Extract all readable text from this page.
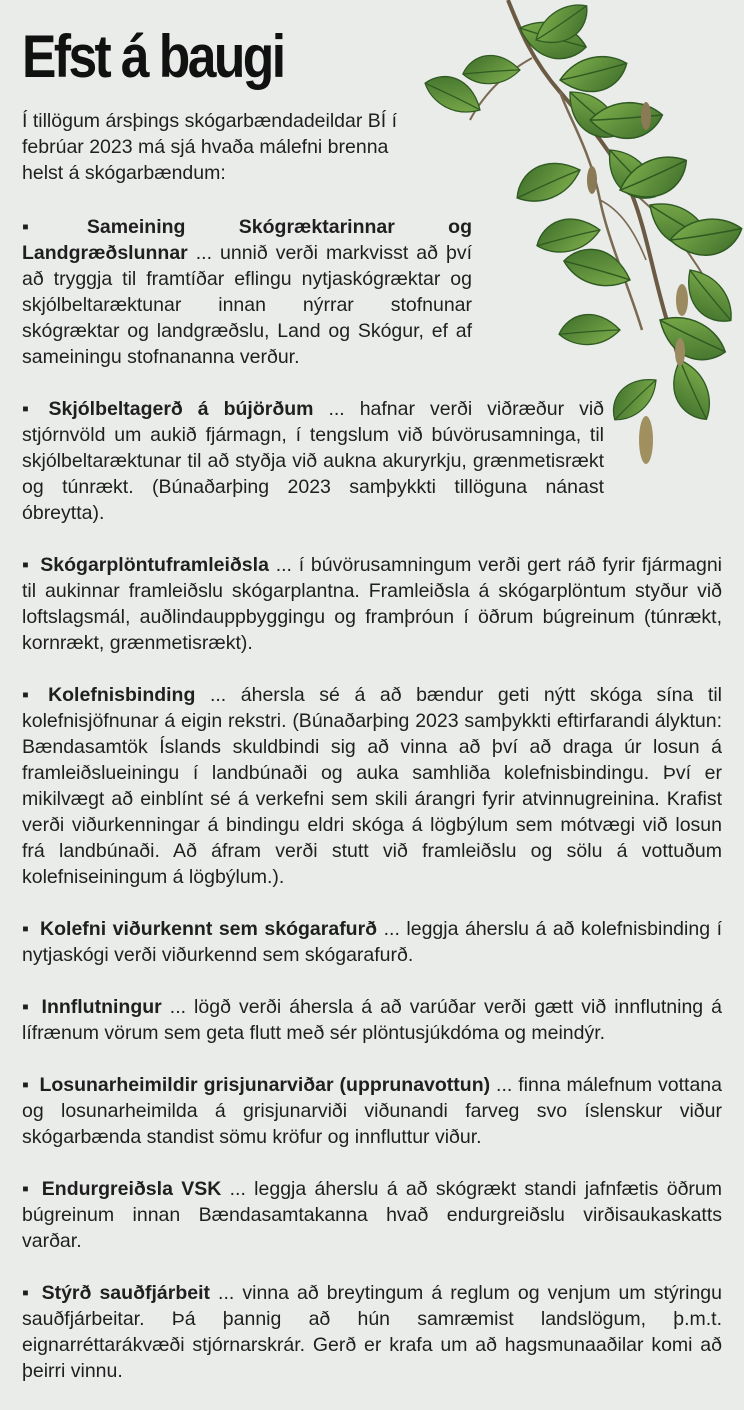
Efst á baugi

Í tillögum ársþings skógarbændadeildar BÍ í febrúar 2023 má sjá hvaða málefni brenna helst á skógarbændum:

▪ Sameining Skógræktarinnar og Landgræðslunnar ... unnið verði markvisst að því að tryggja til framtíðar eflingu nytjaskógræktar og skjólbeltaræktunar innan nýrrar stofnunar skógræktar og landgræðslu, Land og Skógur, ef af sameiningu stofnananna verður.

▪ Skjólbeltagerð á bújörðum ... hafnar verði viðræður við stjórnvöld um aukið fjármagn, í tengslum við búvörusamninga, til skjólbeltaræktunar til að styðja við aukna akuryrkju, grænmetisrækt og túnrækt. (Búnaðarþing 2023 samþykkti tillöguna nánast óbreytta).

▪ Skógarplöntuframleiðsla ... í búvörusamningum verði gert ráð fyrir fjármagni til aukinnar framleiðslu skógarplantna. Framleiðsla á skógarplöntum styður við loftslagsmál, auðlindauppbyggingu og framþróun í öðrum búgreinum (túnrækt, kornrækt, grænmetisrækt).

▪ Kolefnisbinding ... áhersla sé á að bændur geti nýtt skóga sína til kolefnisjöfnunar á eigin rekstri. (Búnaðarþing 2023 samþykkti eftirfarandi ályktun: Bændasamtök Íslands skuldbindi sig að vinna að því að draga úr losun á framleiðslueiningu í landbúnaði og auka samhliða kolefnisbindingu. Því er mikilvægt að einblínt sé á verkefni sem skili árangri fyrir atvinnugreinina. Krafist verði viðurkenningar á bindingu eldri skóga á lögbýlum sem mótvægi við losun frá landbúnaði. Að áfram verði stutt við framleiðslu og sölu á vottuðum kolefniseiningum á lögbýlum.).

▪ Kolefni viðurkennt sem skógarafurð ... leggja áherslu á að kolefnisbinding í nytjaskógi verði viðurkennd sem skógarafurð.

▪ Innflutningur ... lögð verði áhersla á að varúðar verði gætt við innflutning á lífrænum vörum sem geta flutt með sér plöntusjúkdóma og meindýr.

▪ Losunarheimildir grisjunarviðar (upprunavottun) ... finna málefnum vottana og losunarheimilda á grisjunarviði viðunandi farveg svo íslenskur viður skógarbænda standist sömu kröfur og innfluttur viður.

▪ Endurgreiðsla VSK ... leggja áherslu á að skógrækt standi jafnfætis öðrum búgreinum innan Bændasamtakanna hvað endurgreiðslu virðisaukaskatts varðar.

▪ Stýrð sauðfjárbeit ... vinna að breytingum á reglum og venjum um stýringu sauðfjárbeitar. Þá þannig að hún samræmist landslögum, þ.m.t. eignarréttarákvæði stjórnarskrár. Gerð er krafa um að hagsmunaaðilar komi að þeirri vinnu.
